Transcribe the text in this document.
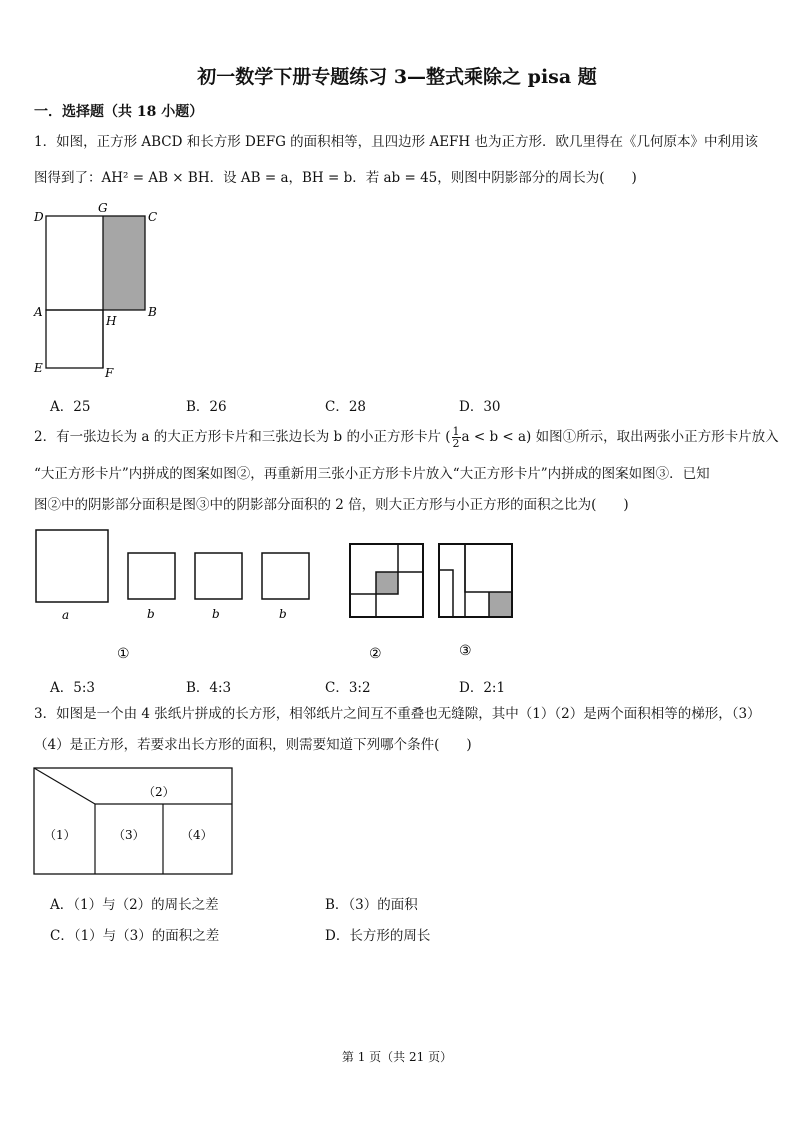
初一数学下册专题练习 3—整式乘除之 pisa 题
一．选择题（共 18 小题）
1．如图，正方形 ABCD 和长方形 DEFG 的面积相等，且四边形 AEFH 也为正方形．欧几里得在《几何原本》中利用该
图得到了：AH² = AB × BH．设 AB = a，BH = b．若 ab = 45，则图中阴影部分的周长为(　　)
D
G
C
A
H
B
E	F
A．25	B．26	C．28	D．30
2．有一张边长为 a 的大正方形卡片和三张边长为 b 的小正方形卡片 ( $\frac{1}{2}$ a < b < a) 如图①所示，取出两张小正方形卡片放入
“大正方形卡片”内拼成的图案如图②，再重新用三张小正方形卡片放入“大正方形卡片”内拼成的图案如图③．已知
图②中的阴影部分面积是图③中的阴影部分面积的 2 倍，则大正方形与小正方形的面积之比为(　　)
a	b	b	b
①	②	③
A．5:3	B．4:3	C．3:2	D．2:1
3．如图是一个由 4 张纸片拼成的长方形，相邻纸片之间互不重叠也无缝隙，其中（1）（2）是两个面积相等的梯形，（3）
（4）是正方形，若要求出长方形的面积，则需要知道下列哪个条件(　　)
（1）
（2）
（3）	（4）
A．（1）与（2）的周长之差	B．（3）的面积
C．（1）与（3）的面积之差	D．长方形的周长
第 1 页（共 21 页）
